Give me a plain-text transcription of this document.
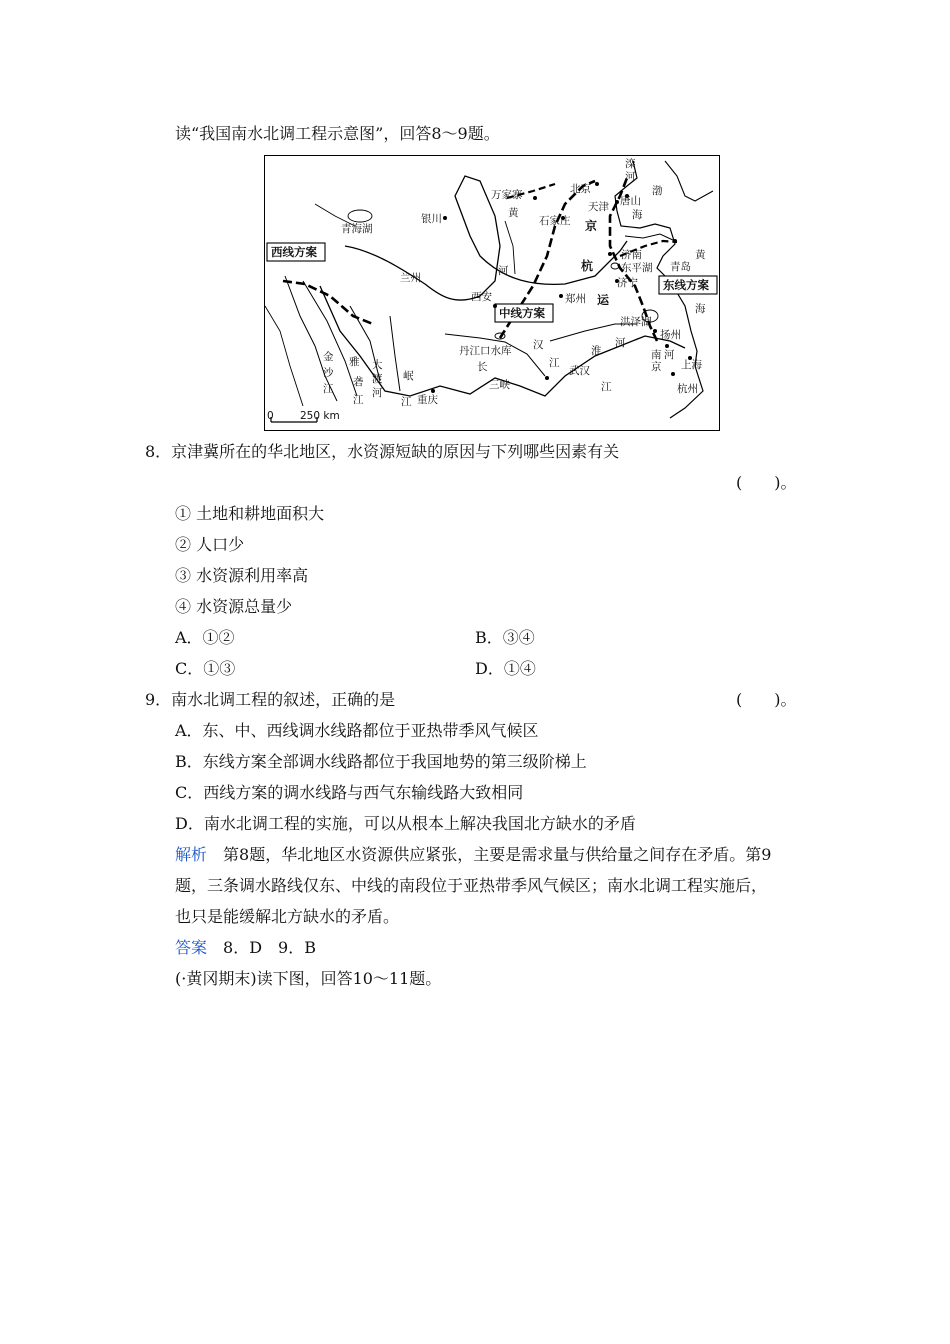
读“我国南水北调工程示意图”，回答8～9题。
西线方案
中线方案
东线方案
滦
河
渤
海
万家寨	北京
天津 唐山
黄
石家庄 京
青海湖
银川
济南	黄
青岛
东平湖
河	杭
济宁
运
兰州
西安	郑州
海
洪泽湖
扬州
丹江口水库 汉
江
淮
河
南
京
河
上海
杭州
长
三峡
武汉
江
金
沙
江
雅
砻
江
大
渡
河
岷
江 重庆
0	250 km
8．京津冀所在的华北地区，水资源短缺的原因与下列哪些因素有关
(　　)。
① 土地和耕地面积大
② 人口少
③ 水资源利用率高
④ 水资源总量少
A．①②	B．③④
C．①③	D．①④
9．南水北调工程的叙述，正确的是	(　　)。
A．东、中、西线调水线路都位于亚热带季风气候区
B．东线方案全部调水线路都位于我国地势的第三级阶梯上
C．西线方案的调水线路与西气东输线路大致相同
D．南水北调工程的实施，可以从根本上解决我国北方缺水的矛盾
解析　第8题，华北地区水资源供应紧张，主要是需求量与供给量之间存在矛盾。第9
题，三条调水路线仅东、中线的南段位于亚热带季风气候区；南水北调工程实施后，
也只是能缓解北方缺水的矛盾。
答案　8．D　9．B
(·黄冈期末)读下图，回答10～11题。
